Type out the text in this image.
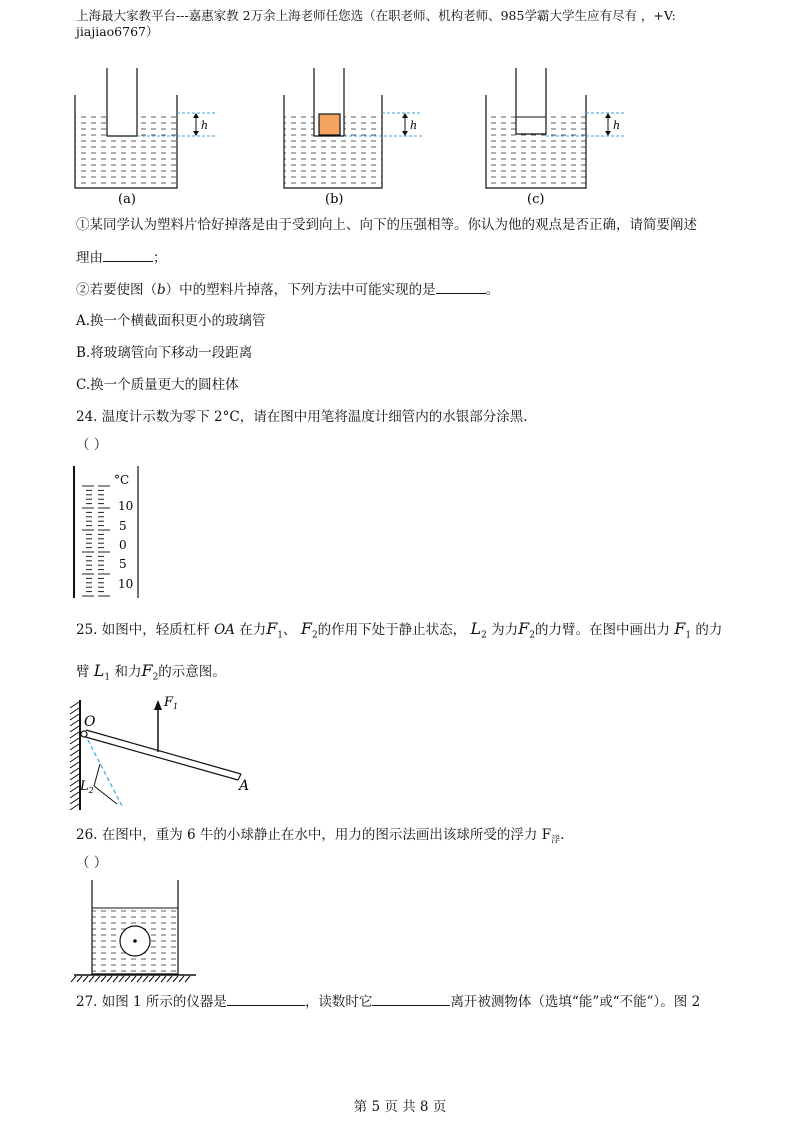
上海最大家教平台---嘉惠家教 2万余上海老师任您选（在职老师、机构老师、985学霸大学生应有尽有 ，+V:
jiajiao6767）
h
(a)
h
(b)
h
(c)
①某同学认为塑料片恰好掉落是由于受到向上、向下的压强相等。你认为他的观点是否正确，请简要阐述
理由	；
②若要使图（b）中的塑料片掉落，下列方法中可能实现的是	。
A.换一个横截面积更小的玻璃管
B.将玻璃管向下移动一段距离
C.换一个质量更大的圆柱体
24. 温度计示数为零下 2°C，请在图中用笔将温度计细管内的水银部分涂黑.
（ ）
°C
10
5
0
5
10
25. 如图中，轻质杠杆 OA 在力$F_1$、 $F_2$的作用下处于静止状态， $L_2$ 为力$F_2$的力臂。在图中画出力 $F_1$ 的力
臂 $L_1$ 和力$F_2$的示意图。
$F_1$
$L_2$
O
A
26. 在图中，重为 6 牛的小球静止在水中，用力的图示法画出该球所受的浮力 $F_浮$.
（ ）
27. 如图 1 所示的仪器是	，读数时它	离开被测物体（选填“能”或“不能”）。图 2
第 5 页 共 8 页
